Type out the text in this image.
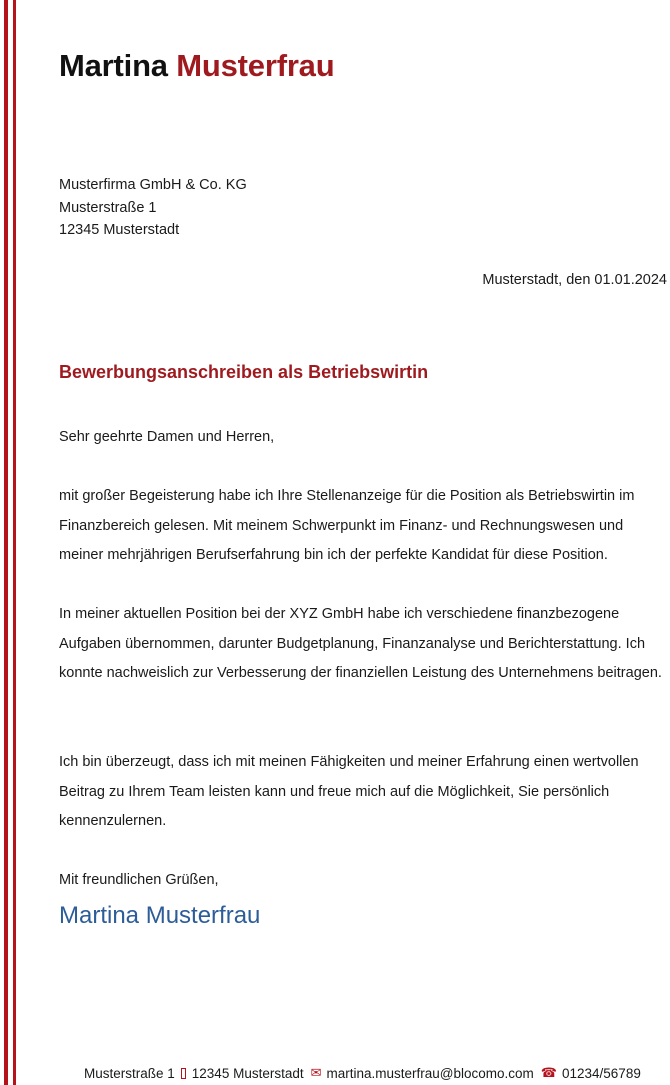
Martina Musterfrau
Musterfirma GmbH & Co. KG
Musterstraße 1
12345 Musterstadt
Musterstadt, den 01.01.2024
Bewerbungsanschreiben als Betriebswirtin
Sehr geehrte Damen und Herren,

mit großer Begeisterung habe ich Ihre Stellenanzeige für die Position als Betriebswirtin im Finanzbereich gelesen. Mit meinem Schwerpunkt im Finanz- und Rechnungswesen und meiner mehrjährigen Berufserfahrung bin ich der perfekte Kandidat für diese Position.

In meiner aktuellen Position bei der XYZ GmbH habe ich verschiedene finanzbezogene Aufgaben übernommen, darunter Budgetplanung, Finanzanalyse und Berichterstattung. Ich konnte nachweislich zur Verbesserung der finanziellen Leistung des Unternehmens beitragen.

Ich bin überzeugt, dass ich mit meinen Fähigkeiten und meiner Erfahrung einen wertvollen Beitrag zu Ihrem Team leisten kann und freue mich auf die Möglichkeit, Sie persönlich kennenzulernen.

Mit freundlichen Grüßen,
Martina Musterfrau
Musterstraße 1 12345 Musterstadt ✉ martina.musterfrau@blocomo.com ☎ 01234/56789
